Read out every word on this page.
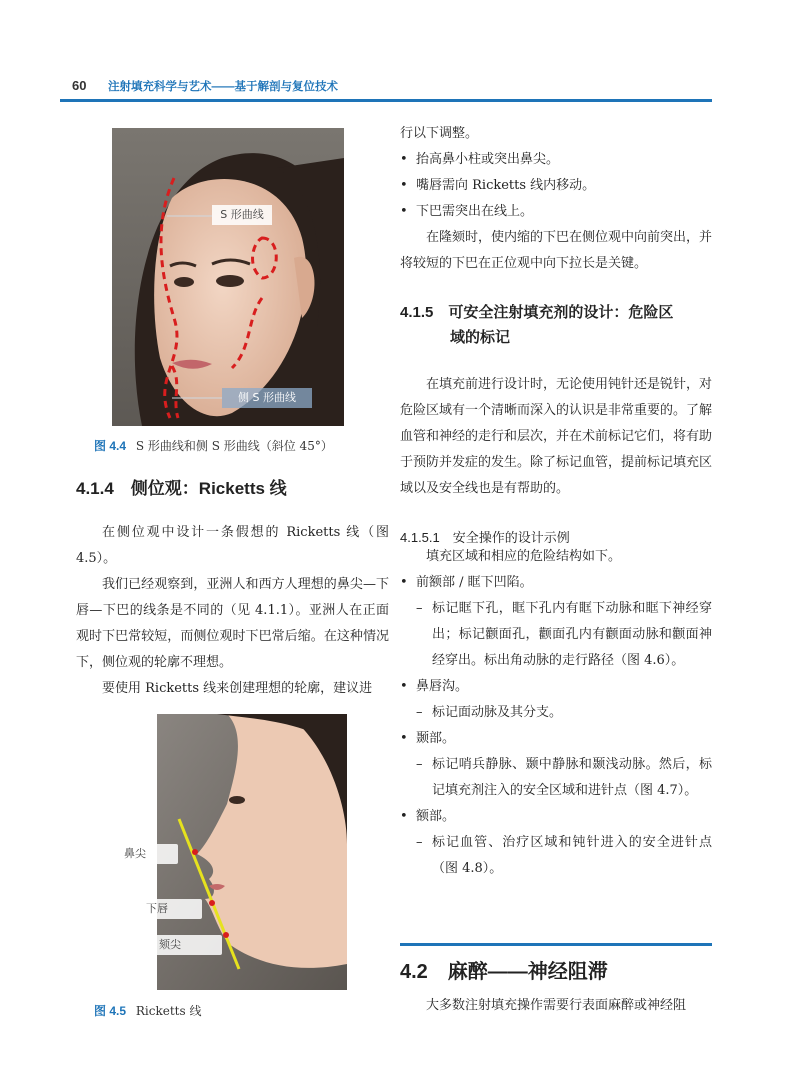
60 注射填充科学与艺术——基于解剖与复位技术
S 形曲线
侧 S 形曲线
图 4.4 S 形曲线和侧 S 形曲线（斜位 45°）
4.1.4　侧位观：Ricketts 线

在侧位观中设计一条假想的 Ricketts 线（图 4.5）。

我们已经观察到，亚洲人和西方人理想的鼻尖—下唇—下巴的线条是不同的（见 4.1.1）。亚洲人在正面观时下巴常较短，而侧位观时下巴常后缩。在这种情况下，侧位观的轮廓不理想。

要使用 Ricketts 线来创建理想的轮廓，建议进

鼻尖
下唇
颏尖
图 4.5 Ricketts 线
行以下调整。
• 抬高鼻小柱或突出鼻尖。
• 嘴唇需向 Ricketts 线内移动。
• 下巴需突出在线上。

在隆颏时，使内缩的下巴在侧位观中向前突出，并将较短的下巴在正位观中向下拉长是关键。

4.1.5　可安全注射填充剂的设计：危险区
域的标记

在填充前进行设计时，无论使用钝针还是锐针，对危险区域有一个清晰而深入的认识是非常重要的。了解血管和神经的走行和层次，并在术前标记它们，将有助于预防并发症的发生。除了标记血管，提前标记填充区域以及安全线也是有帮助的。

4.1.5.1　安全操作的设计示例
填充区域和相应的危险结构如下。
• 前额部 / 眶下凹陷。
– 标记眶下孔，眶下孔内有眶下动脉和眶下神经穿出；标记颧面孔，颧面孔内有颧面动脉和颧面神经穿出。标出角动脉的走行路径（图 4.6）。
• 鼻唇沟。
– 标记面动脉及其分支。
• 颞部。
– 标记哨兵静脉、颞中静脉和颞浅动脉。然后，标记填充剂注入的安全区域和进针点（图 4.7）。
• 额部。
– 标记血管、治疗区域和钝针进入的安全进针点（图 4.8）。
4.2　麻醉——神经阻滞

大多数注射填充操作需要行表面麻醉或神经阻
